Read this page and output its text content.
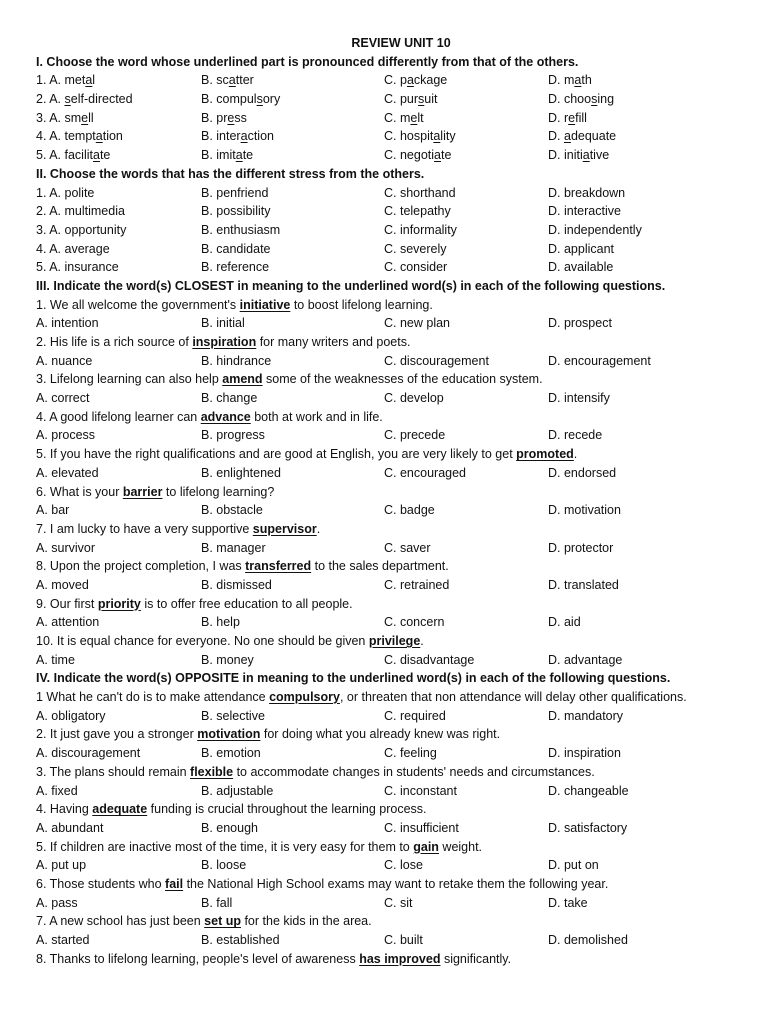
REVIEW UNIT 10
I. Choose the word whose underlined part is pronounced differently from that of the others.
1. A. metal	B. scatter	C. package	D. math
2. A. self-directed	B. compulsory	C. pursuit	D. choosing
3. A. smell	B. press	C. melt	D. refill
4. A. temptation	B. interaction	C. hospitality	D. adequate
5. A. facilitate	B. imitate	C. negotiate	D. initiative
II. Choose the words that has the different stress from the others.
1. A. polite	B. penfriend	C. shorthand	D. breakdown
2. A. multimedia	B. possibility	C. telepathy	D. interactive
3. A. opportunity	B. enthusiasm	C. informality	D. independently
4. A. average	B. candidate	C. severely	D. applicant
5. A. insurance	B. reference	C. consider	D. available
III. Indicate the word(s) CLOSEST in meaning to the underlined word(s) in each of the following questions.
1. We all welcome the government's initiative to boost lifelong learning.
A. intention	B. initial	C. new plan	D. prospect
2. His life is a rich source of inspiration for many writers and poets.
A. nuance	B. hindrance	C. discouragement	D. encouragement
3. Lifelong learning can also help amend some of the weaknesses of the education system.
A. correct	B. change	C. develop	D. intensify
4. A good lifelong learner can advance both at work and in life.
A. process	B. progress	C. precede	D. recede
5. If you have the right qualifications and are good at English, you are very likely to get promoted.
A. elevated	B. enlightened	C. encouraged	D. endorsed
6. What is your barrier to lifelong learning?
A. bar	B. obstacle	C. badge	D. motivation
7. I am lucky to have a very supportive supervisor.
A. survivor	B. manager	C. saver	D. protector
8. Upon the project completion, I was transferred to the sales department.
A. moved	B. dismissed	C. retrained	D. translated
9. Our first priority is to offer free education to all people.
A. attention	B. help	C. concern	D. aid
10. It is equal chance for everyone. No one should be given privilege.
A. time	B. money	C. disadvantage	D. advantage
IV. Indicate the word(s) OPPOSITE in meaning to the underlined word(s) in each of the following questions.
1 What he can't do is to make attendance compulsory, or threaten that non attendance will delay other qualifications.
A. obligatory	B. selective	C. required	D. mandatory
2. It just gave you a stronger motivation for doing what you already knew was right.
A. discouragement	B. emotion	C. feeling	D. inspiration
3. The plans should remain flexible to accommodate changes in students' needs and circumstances.
A. fixed	B. adjustable	C. inconstant	D. changeable
4. Having adequate funding is crucial throughout the learning process.
A. abundant	B. enough	C. insufficient	D. satisfactory
5. If children are inactive most of the time, it is very easy for them to gain weight.
A. put up	B. loose	C. lose	D. put on
6. Those students who fail the National High School exams may want to retake them the following year.
A. pass	B. fall	C. sit	D. take
7. A new school has just been set up for the kids in the area.
A. started	B. established	C. built	D. demolished
8. Thanks to lifelong learning, people's level of awareness has improved significantly.
